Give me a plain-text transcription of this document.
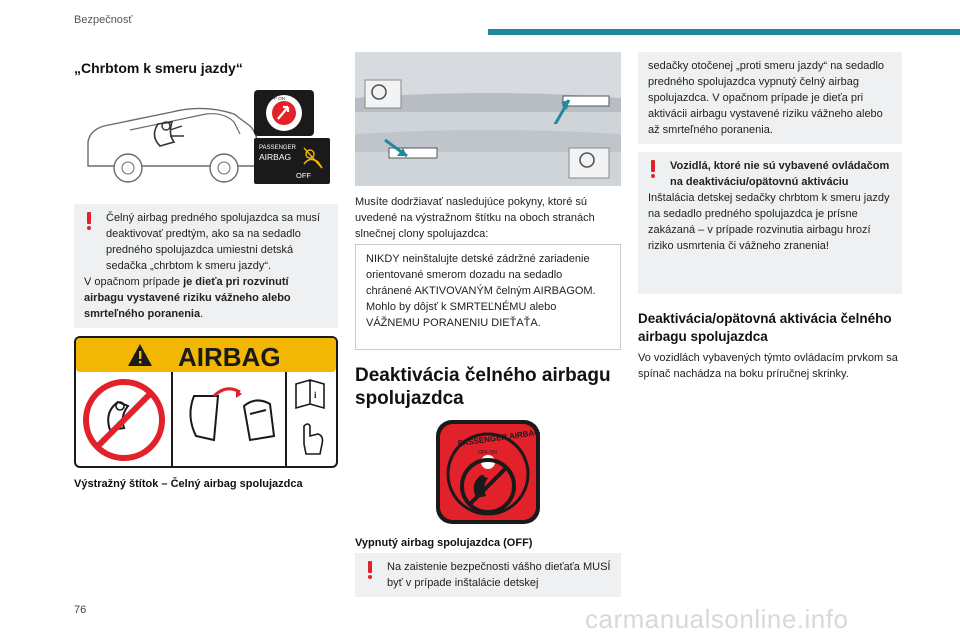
Bezpečnosť
„Chrbtom k smeru jazdy“
OFF ON
PASSENGER
AIRBAG
OFF
Čelný airbag predného spolujazdca sa musí deaktivovať predtým, ako sa na sedadlo predného spolujazdca umiestni detská sedačka „chrbtom k smeru jazdy“.
V opačnom prípade je dieťa pri rozvinutí airbagu vystavené riziku vážneho alebo smrteľného poranenia.
AIRBAG
i
Výstražný štítok – Čelný airbag spolujazdca
Musíte dodržiavať nasledujúce pokyny, ktoré sú uvedené na výstražnom štítku na oboch stranách slnečnej clony spolujazdca:
NIKDY neinštalujte detské zádržné zariadenie orientované smerom dozadu na sedadlo chránené AKTIVOVANÝM čelným AIRBAGOM. Mohlo by dôjsť k SMRTEĽNÉMU alebo VÁŽNEMU PORANENIU DIEŤAŤA.
Deaktivácia čelného airbagu spolujazdca
PASSENGER AIRBAG
OFF ON
Vypnutý airbag spolujazdca (OFF)
Na zaistenie bezpečnosti vášho dieťaťa MUSÍ byť v prípade inštalácie detskej
sedačky otočenej „proti smeru jazdy“ na sedadlo predného spolujazdca vypnutý čelný airbag spolujazdca. V opačnom prípade je dieťa pri aktivácii airbagu vystavené riziku vážneho alebo až smrteľného poranenia.
Vozidlá, ktoré nie sú vybavené ovládačom na deaktiváciu/opätovnú aktiváciu
Inštalácia detskej sedačky chrbtom k smeru jazdy na sedadlo predného spolujazdca je prísne zakázaná – v prípade rozvinutia airbagu hrozí riziko usmrtenia či vážneho zranenia!
Deaktivácia/opätovná aktivácia čelného airbagu spolujazdca
Vo vozidlách vybavených týmto ovládacím prvkom sa spínač nachádza na boku príručnej skrinky.
76	carmanualsonline.info
